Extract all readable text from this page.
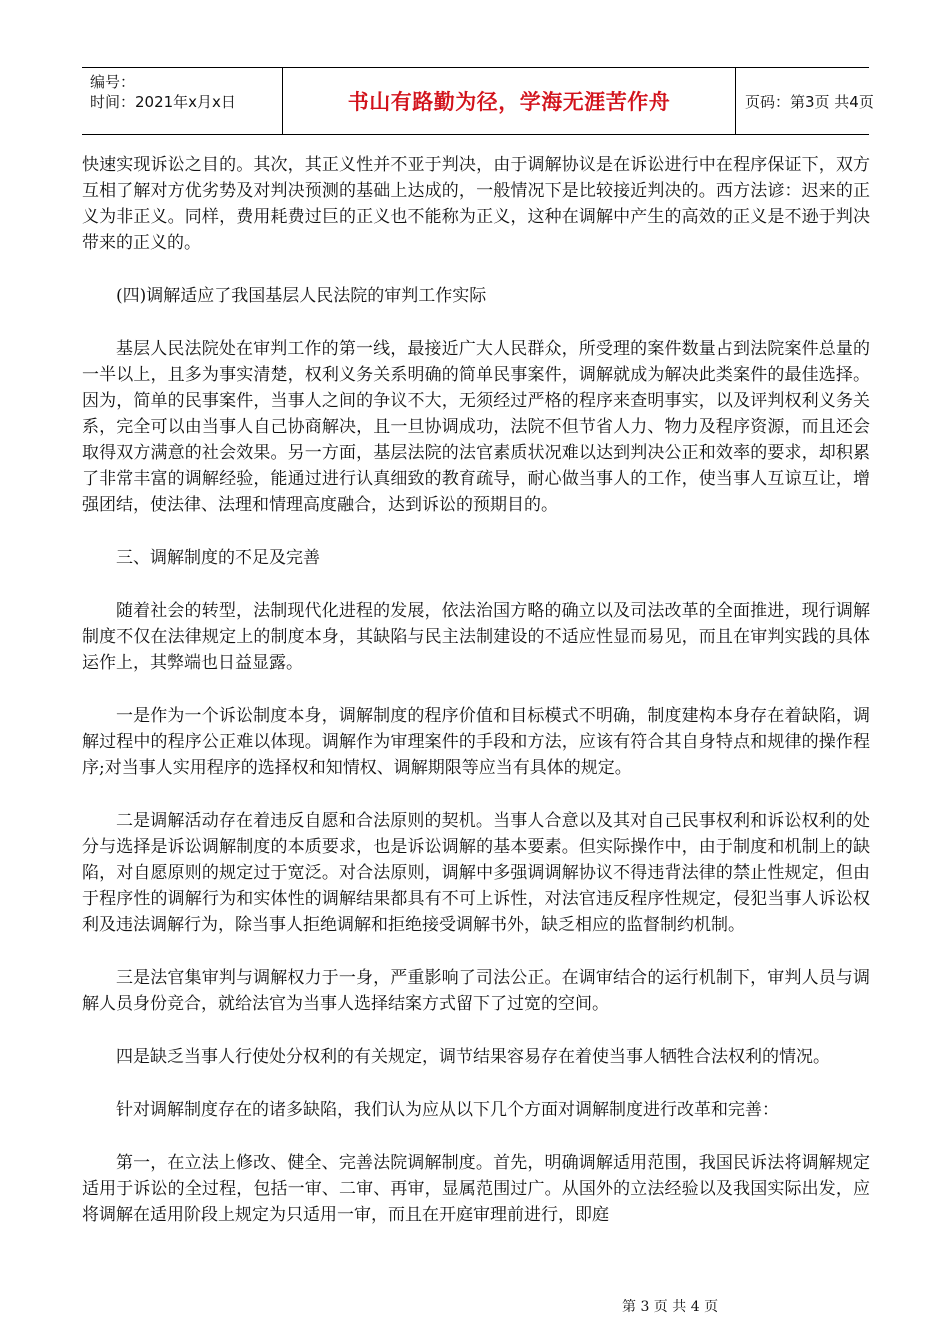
编号：
时间：2021年x月x日	书山有路勤为径，学海无涯苦作舟	页码：第3页 共4页

快速实现诉讼之目的。其次，其正义性并不亚于判决，由于调解协议是在诉讼进行中在程序保证下，双方互相了解对方优劣势及对判决预测的基础上达成的，一般情况下是比较接近判决的。西方法谚：迟来的正义为非正义。同样，费用耗费过巨的正义也不能称为正义，这种在调解中产生的高效的正义是不逊于判决带来的正义的。

(四)调解适应了我国基层人民法院的审判工作实际

基层人民法院处在审判工作的第一线，最接近广大人民群众，所受理的案件数量占到法院案件总量的一半以上，且多为事实清楚，权利义务关系明确的简单民事案件，调解就成为解决此类案件的最佳选择。因为，简单的民事案件，当事人之间的争议不大，无须经过严格的程序来查明事实，以及评判权利义务关系，完全可以由当事人自己协商解决，且一旦协调成功，法院不但节省人力、物力及程序资源，而且还会取得双方满意的社会效果。另一方面，基层法院的法官素质状况难以达到判决公正和效率的要求，却积累了非常丰富的调解经验，能通过进行认真细致的教育疏导，耐心做当事人的工作，使当事人互谅互让，增强团结，使法律、法理和情理高度融合，达到诉讼的预期目的。

三、调解制度的不足及完善

随着社会的转型，法制现代化进程的发展，依法治国方略的确立以及司法改革的全面推进，现行调解制度不仅在法律规定上的制度本身，其缺陷与民主法制建设的不适应性显而易见，而且在审判实践的具体运作上，其弊端也日益显露。

一是作为一个诉讼制度本身，调解制度的程序价值和目标模式不明确，制度建构本身存在着缺陷，调解过程中的程序公正难以体现。调解作为审理案件的手段和方法，应该有符合其自身特点和规律的操作程序;对当事人实用程序的选择权和知情权、调解期限等应当有具体的规定。

二是调解活动存在着违反自愿和合法原则的契机。当事人合意以及其对自己民事权利和诉讼权利的处分与选择是诉讼调解制度的本质要求，也是诉讼调解的基本要素。但实际操作中，由于制度和机制上的缺陷，对自愿原则的规定过于宽泛。对合法原则，调解中多强调调解协议不得违背法律的禁止性规定，但由于程序性的调解行为和实体性的调解结果都具有不可上诉性，对法官违反程序性规定，侵犯当事人诉讼权利及违法调解行为，除当事人拒绝调解和拒绝接受调解书外，缺乏相应的监督制约机制。

三是法官集审判与调解权力于一身，严重影响了司法公正。在调审结合的运行机制下，审判人员与调解人员身份竞合，就给法官为当事人选择结案方式留下了过宽的空间。

四是缺乏当事人行使处分权利的有关规定，调节结果容易存在着使当事人牺牲合法权利的情况。

针对调解制度存在的诸多缺陷，我们认为应从以下几个方面对调解制度进行改革和完善：

第一，在立法上修改、健全、完善法院调解制度。首先，明确调解适用范围，我国民诉法将调解规定适用于诉讼的全过程，包括一审、二审、再审，显属范围过广。从国外的立法经验以及我国实际出发，应将调解在适用阶段上规定为只适用一审，而且在开庭审理前进行，即庭

第 3 页 共 4 页
